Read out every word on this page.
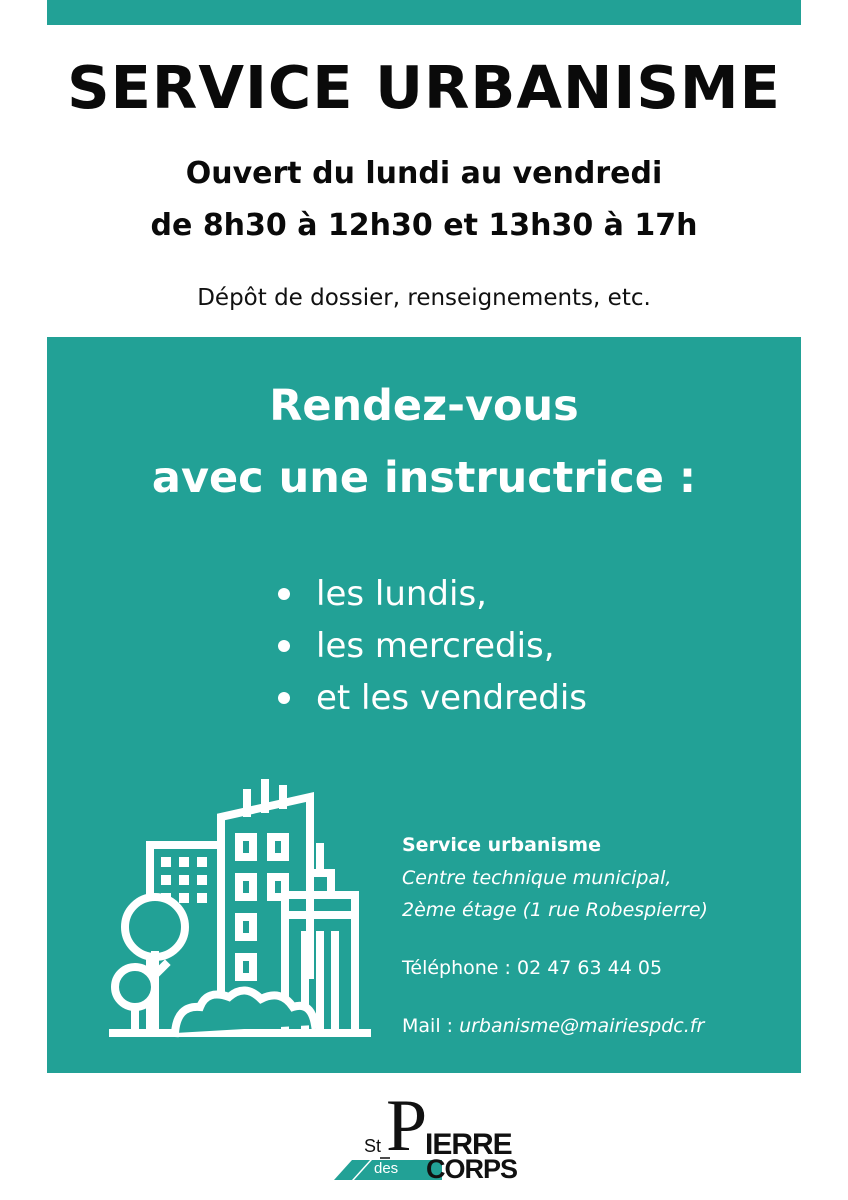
SERVICE URBANISME
Ouvert du lundi au vendredi
de 8h30 à 12h30 et 13h30 à 17h
Dépôt de dossier, renseignements, etc.
Rendez-vous
avec une instructrice :
les lundis,
les mercredis,
et les vendredis
Service urbanisme
Centre technique municipal,
2ème étage (1 rue Robespierre)
Téléphone : 02 47 63 44 05
Mail : urbanisme@mairiespdc.fr
St P
IERRE
des CORPS
